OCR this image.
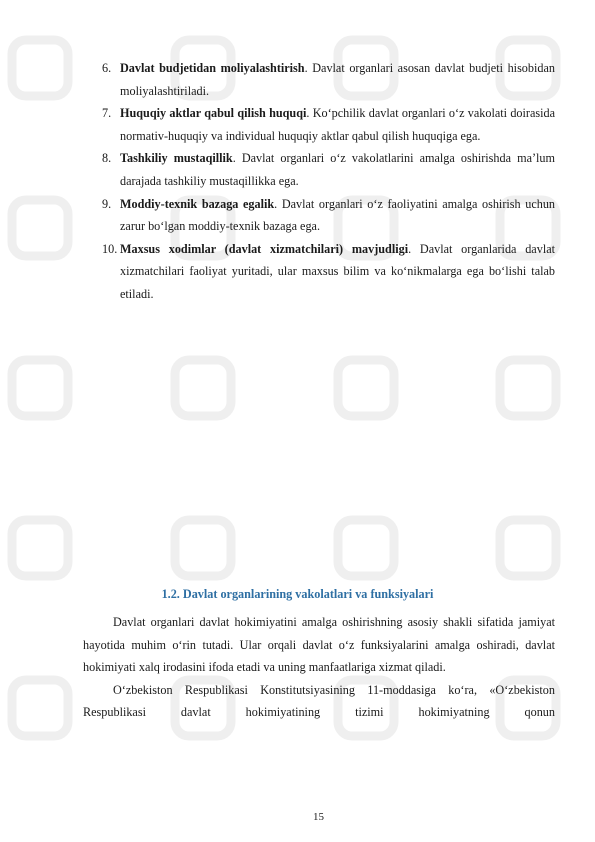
6. Davlat budjetidan moliyalashtirish. Davlat organlari asosan davlat budjeti hisobidan moliyalashtiriladi.

7. Huquqiy aktlar qabul qilish huquqi. Ko‘pchilik davlat organlari o‘z vakolati doirasida normativ-huquqiy va individual huquqiy aktlar qabul qilish huquqiga ega.

8. Tashkiliy mustaqillik. Davlat organlari o‘z vakolatlarini amalga oshirishda ma’lum darajada tashkiliy mustaqillikka ega.

9. Moddiy-texnik bazaga egalik. Davlat organlari o‘z faoliyatini amalga oshirish uchun zarur bo‘lgan moddiy-texnik bazaga ega.

10. Maxsus xodimlar (davlat xizmatchilari) mavjudligi. Davlat organlarida davlat xizmatchilari faoliyat yuritadi, ular maxsus bilim va ko‘nikmalarga ega bo‘lishi talab etiladi.

1.2. Davlat organlarining vakolatlari va funksiyalari

Davlat organlari davlat hokimiyatini amalga oshirishning asosiy shakli sifatida jamiyat hayotida muhim o‘rin tutadi. Ular orqali davlat o‘z funksiyalarini amalga oshiradi, davlat hokimiyati xalq irodasini ifoda etadi va uning manfaatlariga xizmat qiladi.

O‘zbekiston Respublikasi Konstitutsiyasining 11-moddasiga ko‘ra, «O‘zbekiston Respublikasi davlat hokimiyatining tizimi hokimiyatning qonun

15
